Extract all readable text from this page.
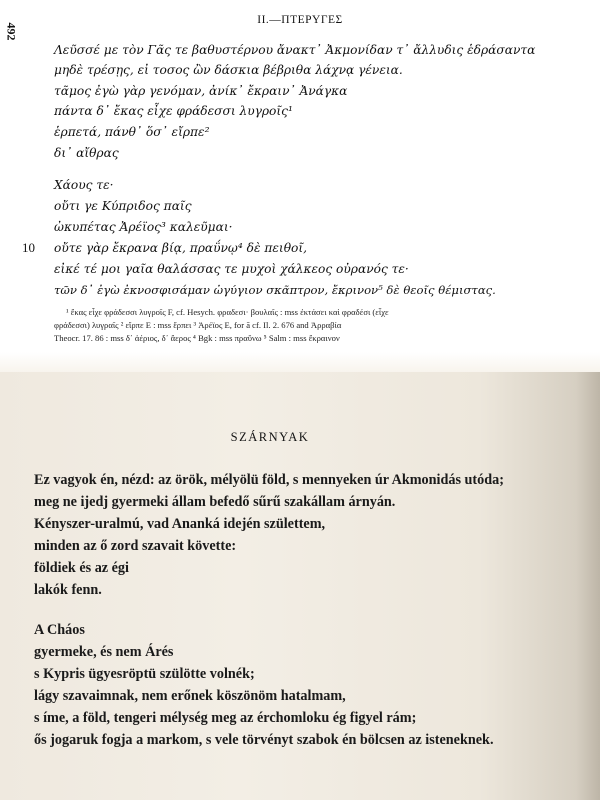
492
II.—ΠΤΕΡΥΓΕΣ
Λεῦσσέ με τὸν Γᾶς τε βαθυστέρνου ἄνακτ᾽ Ἀκμονίδαν τ᾽ ἄλλυδις ἑδράσαντα
μηδὲ τρέσῃς, εἰ τοσος ὢν δάσκια βέβριθα λάχνᾳ γένεια.
τᾶμος ἐγὼ γὰρ γενόμαν, ἀνίκ᾽ ἔκραιν᾽ Ἀνάγκα
πάντα δ᾽ ἔκας εἶχε φράδεσσι λυγροῖς¹
ἑρπετά, πάνθ᾽ ὅσ᾽ εἴρπε²
δι᾽ αἴθρας
Χάους τε·
οὔτι γε Κύπριδος παῖς
ὠκυπέτας Ἀρέϊος³ καλεῦμαι·
10 οὔτε γὰρ ἔκρανα βίᾳ, πραΰνῳ⁴ δὲ πειθοῖ,
εἰκέ τέ μοι γαῖα θαλάσσας τε μυχοὶ χάλκεος οὐρανός τε·
τῶν δ᾽ ἐγὼ ἐκνοσφισάμαν ὠγύγιον σκᾶπτρον, ἔκρινον⁵ δὲ θεοῖς θέμιστας.
¹ ἔκας εἶχε φράδεσσι λυγροῖς F, cf. Hesych. φραδεσι· βουλαῖς : mss ἐκτάσει καὶ φραδέσι (εἶχε
φράδεσσι) λυγραῖς ² εἴρπε E : mss ἔρπει ³ Ἀρέϊος E, for ā cf. Il. 2. 676 and Ἀρραβία
Theocr. 17. 86 : mss δ᾽ ἀέριος, δ᾽ ἄερος ⁴ Bgk : mss πραΰνω ⁵ Salm : mss ἔκραινον
SZÁRNYAK
Ez vagyok én, nézd: az örök, mélyölü föld, s mennyeken úr Akmonidás utóda;
meg ne ijedj gyermeki állam befedő sűrű szakállam árnyán.
Kényszer-uralmú, vad Ananká idején születtem,
minden az ő zord szavait követte:
földiek és az égi
lakók fenn.
A Cháos
gyermeke, és nem Árés
s Kypris ügyesröptü szülötte volnék;
lágy szavaimnak, nem erőnek köszönöm hatalmam,
s íme, a föld, tengeri mélység meg az érchomloku ég figyel rám;
ős jogaruk fogja a markom, s vele törvényt szabok én bölcsen az isteneknek.
